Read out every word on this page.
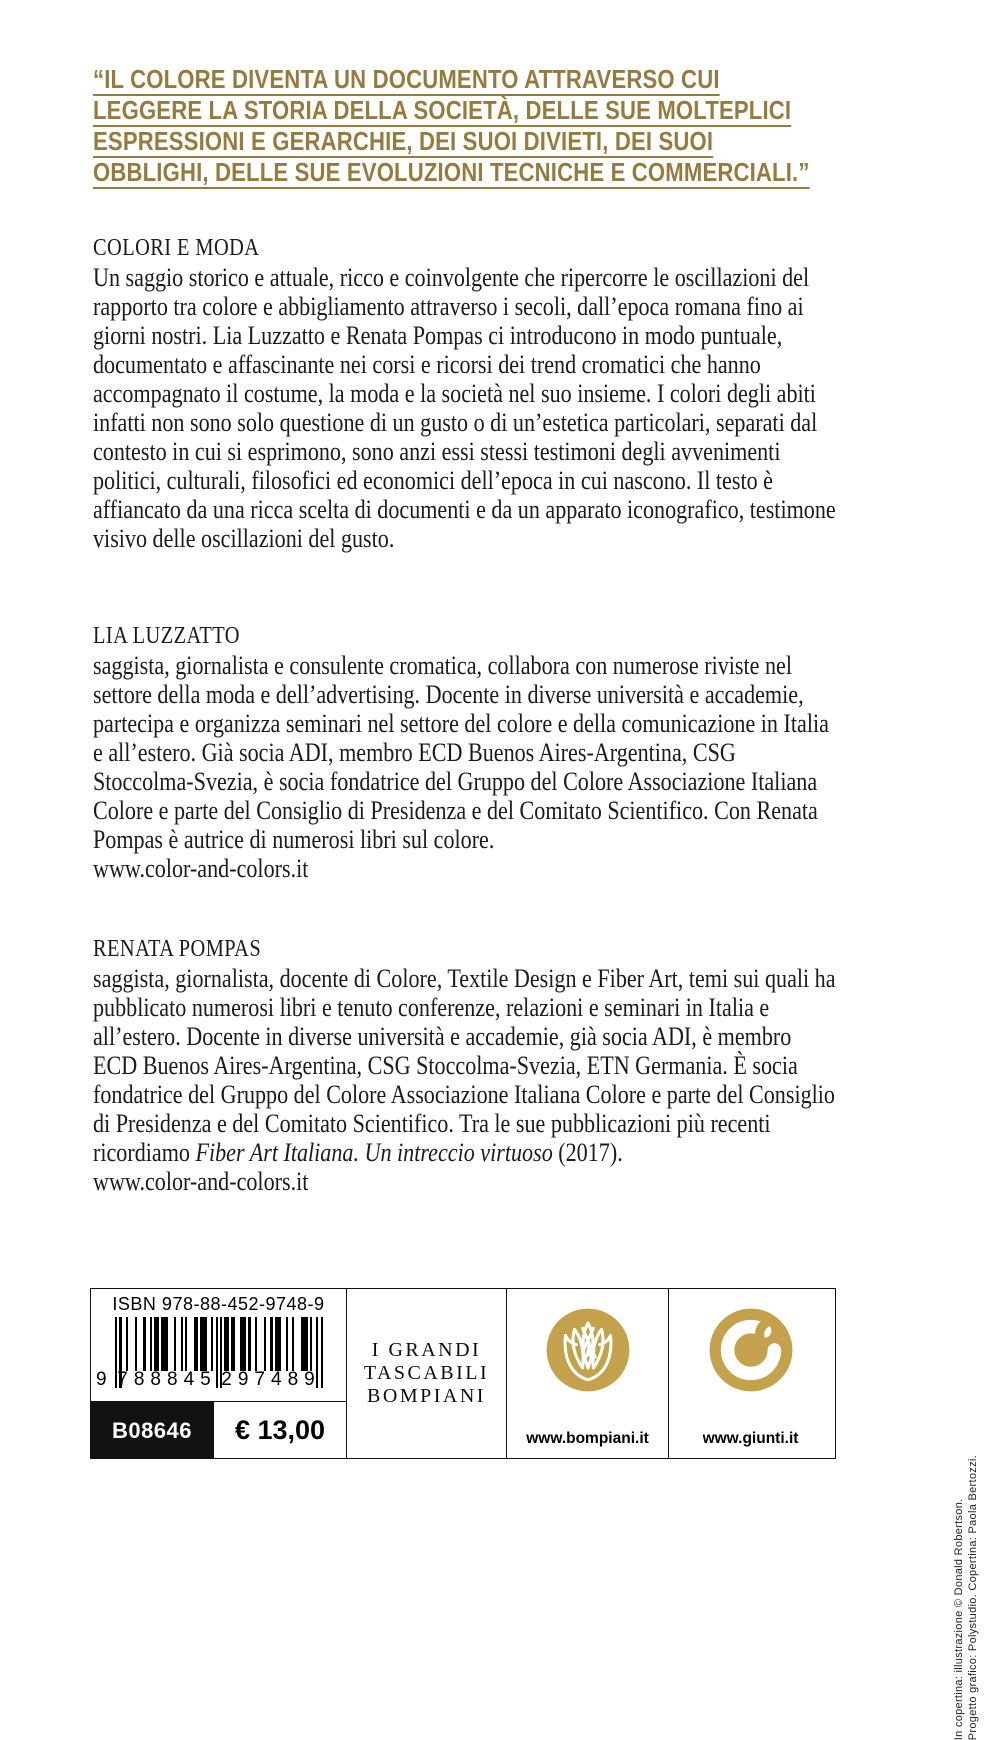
“IL COLORE DIVENTA UN DOCUMENTO ATTRAVERSO CUI
LEGGERE LA STORIA DELLA SOCIETÀ, DELLE SUE MOLTEPLICI
ESPRESSIONI E GERARCHIE, DEI SUOI DIVIETI, DEI SUOI
OBBLIGHI, DELLE SUE EVOLUZIONI TECNICHE E COMMERCIALI.”
COLORI E MODA

Un saggio storico e attuale, ricco e coinvolgente che ripercorre le oscillazioni del rapporto tra colore e abbigliamento attraverso i secoli, dall’epoca romana fino ai giorni nostri. Lia Luzzatto e Renata Pompas ci introducono in modo puntuale, documentato e affascinante nei corsi e ricorsi dei trend cromatici che hanno accompagnato il costume, la moda e la società nel suo insieme. I colori degli abiti infatti non sono solo questione di un gusto o di un’estetica particolari, separati dal contesto in cui si esprimono, sono anzi essi stessi testimoni degli avvenimenti politici, culturali, filosofici ed economici dell’epoca in cui nascono. Il testo è affiancato da una ricca scelta di documenti e da un apparato iconografico, testimone visivo delle oscillazioni del gusto.

LIA LUZZATTO

saggista, giornalista e consulente cromatica, collabora con numerose riviste nel settore della moda e dell’advertising. Docente in diverse università e accademie, partecipa e organizza seminari nel settore del colore e della comunicazione in Italia e all’estero. Già socia ADI, membro ECD Buenos Aires-Argentina, CSG Stoccolma-Svezia, è socia fondatrice del Gruppo del Colore Associazione Italiana Colore e parte del Consiglio di Presidenza e del Comitato Scientifico. Con Renata Pompas è autrice di numerosi libri sul colore.

www.color-and-colors.it
RENATA POMPAS

saggista, giornalista, docente di Colore, Textile Design e Fiber Art, temi sui quali ha pubblicato numerosi libri e tenuto conferenze, relazioni e seminari in Italia e all’estero. Docente in diverse università e accademie, già socia ADI, è membro ECD Buenos Aires-Argentina, CSG Stoccolma-Svezia, ETN Germania. È socia fondatrice del Gruppo del Colore Associazione Italiana Colore e parte del Consiglio di Presidenza e del Comitato Scientifico. Tra le sue pubblicazioni più recenti ricordiamo Fiber Art Italiana. Un intreccio virtuoso (2017).

www.color-and-colors.it
ISBN 978-88-452-9748-9
9 788845 297489
B08646	€ 13,00
I GRANDI
TASCABILI
BOMPIANI
www.bompiani.it	www.giunti.it
In copertina: illustrazione © Donald Robertson. Progetto grafico: Polystudio. Copertina: Paola Bertozzi.
